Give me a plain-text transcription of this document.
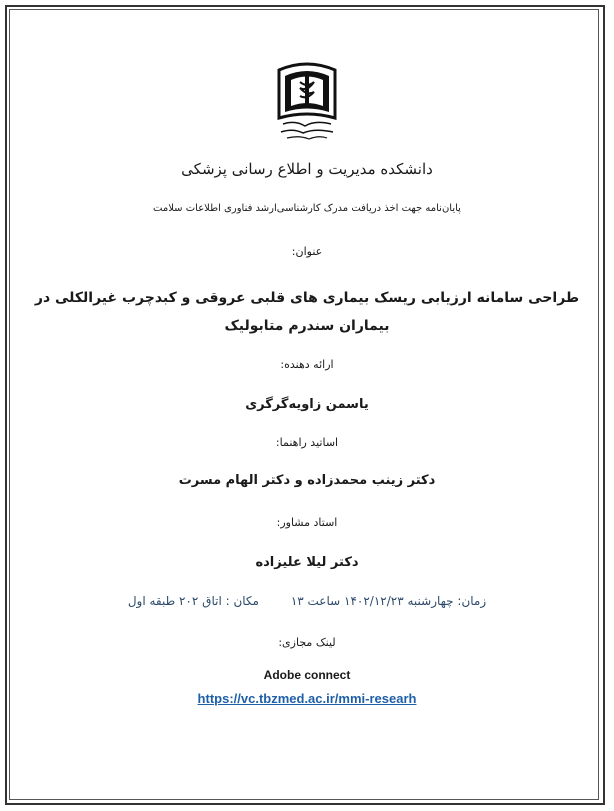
دانشکده مدیریت و اطلاع رسانی پزشکی
پایان‌نامه جهت اخذ دریافت مدرک کارشناسی‌ارشد فناوری اطلاعات سلامت
عنوان:
طراحی سامانه ارزیابی ریسک بیماری های قلبی عروقی و کبدچرب غیرالکلی در
بیماران سندرم متابولیک
ارائه دهنده:
یاسمن زاویه‌گرگری
اساتید راهنما:
دکتر زینب محمدزاده و دکتر الهام مسرت
استاد مشاور:
دکتر لیلا علیزاده
زمان: چهارشنبه ۱۴۰۲/۱۲/۲۳ ساعت ۱۳ مکان : اتاق ۲۰۲ طبقه اول
لینک مجازی:
Adobe connect
https://vc.tbzmed.ac.ir/mmi-researh
